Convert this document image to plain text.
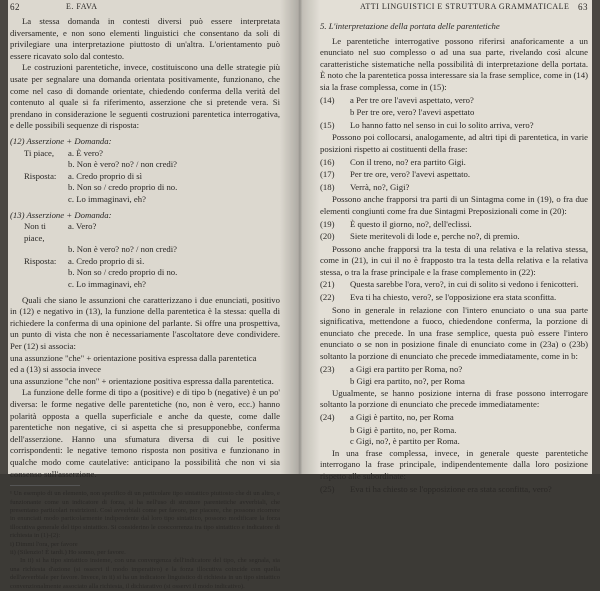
62	E. FAVA

La stessa domanda in contesti diversi può essere interpretata diversamente, e non sono elementi linguistici che consentano da soli di privilegiare una interpretazione piuttosto di un'altra. L'orientamento può essere ricavato solo dal contesto.

Le costruzioni parentetiche, invece, costituiscono una delle strategie più usate per segnalare una domanda orientata positivamente, funzionano, che come nel caso di domande orientate, chiedendo conferma della verità del contenuto al quale si fa riferimento, asserzione che si pretende vera. Si prendano in considerazione le seguenti costruzioni parentetica interrogativa, e delle possibili sequenze di risposta:

(12) Asserzione + Domanda:
Ti piace,	a. È vero?
b. Non è vero? no? / non credi?
Risposta:	a. Credo proprio di sì
b. Non so / credo proprio di no.
c. Lo immaginavi, eh?
(13) Asserzione + Domanda:
Non ti piace,
a. Vero?
b. Non è vero? no? / non credi?
Risposta:	a. Credo proprio di sì.
b. Non so / credo proprio di no.
c. Lo immaginavi, eh?

Quali che siano le assunzioni che caratterizzano i due enunciati, positivo in (12) e negativo in (13), la funzione della parentetica è la stessa: quella di richiedere la conferma di una opinione del parlante. Si offre una prospettiva, un punto di vista che non è necessariamente l'ascoltatore deve condividere. Per (12) si associa:

una assunzione "che" + orientazione positiva espressa dalla parentetica

ed a (13) si associa invece

una assunzione "che non" + orientazione positiva espressa dalla parentetica.

La funzione delle forme di tipo a (positive) e di tipo b (negative) è un po' diversa: le forme negative delle parentetiche (no, non è vero, ecc.) hanno polarità opposta a quella superficiale e anche da queste, come dalle parentetiche non negative, ci si aspetta che si presupponebbe, conferma dell'asserzione. Hanno una sfumatura diversa di cui le positive corrispondenti: le negative temono risposta non positiva e funzionano in qualche modo come cautelative: anticipano la possibilità che non vi sia consenso sull'asserzione.

¹ Un esempio di un elemento, non specifico di un particolare tipo sintattico piuttosto che di un altro, e funzionante come un indicatore di forza, si ha nell'uso di strutture parentetiche avverbiali, che presentano particolari restrizioni. Così avverbiali come per favore, per piacere, che possono ricorrere in enunciati modo particolarmente indipendente dal loro tipo sintattico, possono modificare la forza illocutiva generale del tipo sintattico. Si considerino le cooccorrenza tra tipo sintattico e indicatore di richiesta in (1)-(2):
i) Dimmi l'ora, per favore
ii) (Silenzio! È tardi.) Ho sonno, per favore.
In ii) si ha tipo sintattico insieme, con una convergenza dell'indicatore del tipo, che segnala, sia una richiesta d'azione (si osservi il modo imperativo) e la forza illocutiva coincide con quella dell'avverbiale per favore. Invece, in ii) si ha un indicatore linguistico di richiesta in un tipo sintattico convenzionalmente associato alla richiesta, il dichiarativo (si osservi il modo indicativo).
ATTI LINGUISTICI E STRUTTURA GRAMMATICALE 63
5. L'interpretazione della portata delle parentetiche

Le parentetiche interrogative possono riferirsi anaforicamente a un enunciato nel suo complesso o ad una sua parte, rivelando così alcune caratteristiche sistematiche nella possibilità di interpretazione della portata. È noto che la parentetica possa interessare sia la frase semplice, come in (14) sia la frase complessa, come in (15):

(14)	a Per tre ore l'avevi aspettato, vero?
b Per tre ore, vero? l'avevi aspettato
(15)	Lo hanno fatto nel senso in cui lo solito arriva, vero?

Possono poi collocarsi, analogamente, ad altri tipi di parentetica, in varie posizioni rispetto ai costituenti della frase:

(16)	Con il treno, no? era partito Gigi.
(17)	Per tre ore, vero? l'avevi aspettato.
(18)	Verrà, no?, Gigi?

Possono anche frapporsi tra parti di un Sintagma come in (19), o fra due elementi congiunti come fra due Sintagmi Preposizionali come in (20):

(19)	È questo il giorno, no?, dell'eclissi.
(20)	Siete meritevoli di lode e, perche no?, di premio.

Possono anche frapporsi tra la testa di una relativa e la relativa stessa, come in (21), in cui il no è frapposto tra la testa della relativa e la relativa stessa, o tra la frase principale e la frase complemento in (22):

(21)	Questa sarebbe l'ora, vero?, in cui di solito si vedono i fenicotteri.
(22)	Eva ti ha chiesto, vero?, se l'opposizione era stata sconfitta.

Sono in generale in relazione con l'intero enunciato o una sua parte significativa, mettendone a fuoco, chiedendone conferma, la porzione di enunciato che precede. In una frase semplice, questa può essere l'intero enunciato o se non in posizione finale di enunciato come in (23a) o (23b) soltanto la porzione di enunciato che precede immediatamente, come in b:

(23)	a Gigi era partito per Roma, no?
b Gigi era partito, no?, per Roma

Ugualmente, se hanno posizione interna di frase possono interrogare soltanto la porzione di enunciato che precede immediatamente:

(24)	a Gigi è partito, no, per Roma
b Gigi è partito, no, per Roma.
c Gigi, no?, è partito per Roma.

In una frase complessa, invece, in generale queste parentetiche interrogano la frase principale, indipendentemente dalla loro posizione rispetto alle subordinate:

(25)	Eva ti ha chiesto se l'opposizione era stata sconfitta, vero?
